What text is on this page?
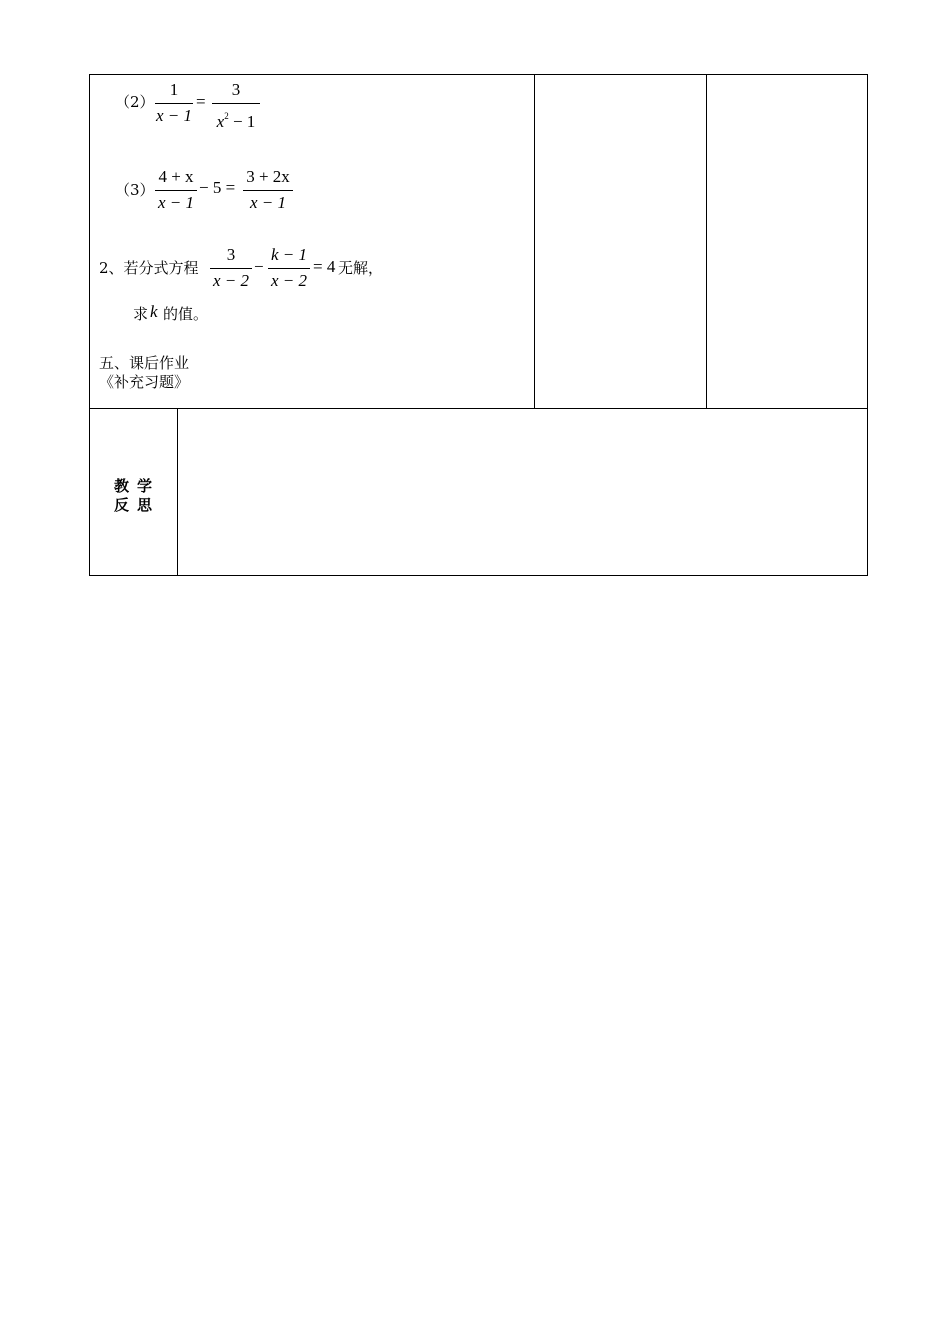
（2）
1
x − 1
=
3
$x^2 - 1$
（3）
4 + x
x − 1
− 5 =
3 + 2x
x − 1
2、若分式方程
3
x − 2
−
k − 1
x − 2
= 4 无解，
求 k 的值。
五、课后作业
《补充习题》
教学
反思
